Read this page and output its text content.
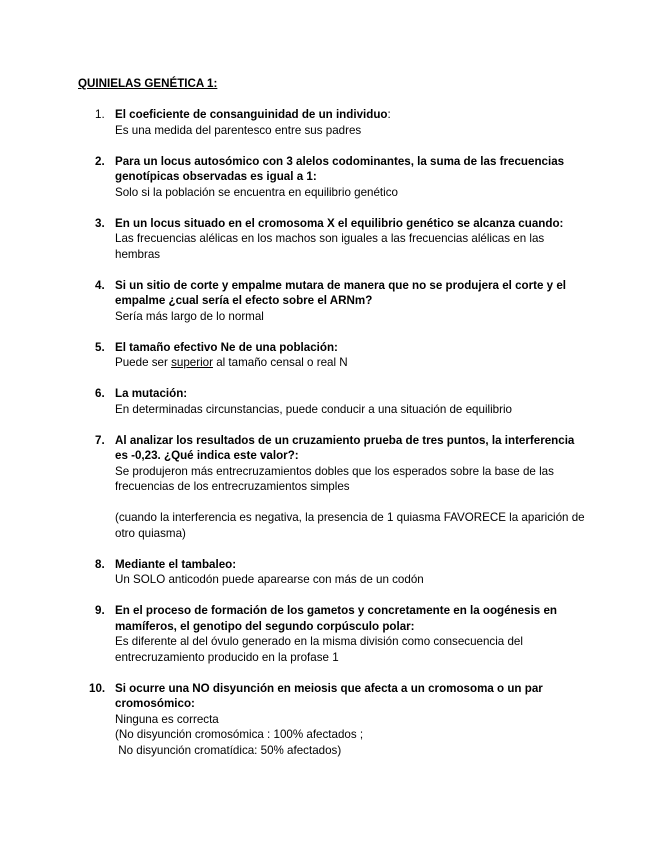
QUINIELAS GENÉTICA 1:
1. El coeficiente de consanguinidad de un individuo:
Es una medida del parentesco entre sus padres
2. Para un locus autosómico con 3 alelos codominantes, la suma de las frecuencias genotípicas observadas es igual a 1:
Solo si la población se encuentra en equilibrio genético
3. En un locus situado en el cromosoma X el equilibrio genético se alcanza cuando:
Las frecuencias alélicas en los machos son iguales a las frecuencias alélicas en las hembras
4. Si un sitio de corte y empalme mutara de manera que no se produjera el corte y el empalme ¿cual sería el efecto sobre el ARNm?
Sería más largo de lo normal
5. El tamaño efectivo Ne de una población:
Puede ser superior al tamaño censal o real N
6. La mutación:
En determinadas circunstancias, puede conducir a una situación de equilibrio
7. Al analizar los resultados de un cruzamiento prueba de tres puntos, la interferencia es -0,23. ¿Qué indica este valor?:
Se produjeron más entrecruzamientos dobles que los esperados sobre la base de las frecuencias de los entrecruzamientos simples
(cuando la interferencia es negativa, la presencia de 1 quiasma FAVORECE la aparición de otro quiasma)
8. Mediante el tambaleo:
Un SOLO anticodón puede aparearse con más de un codón
9. En el proceso de formación de los gametos y concretamente en la oogénesis en mamíferos, el genotipo del segundo corpúsculo polar:
Es diferente al del óvulo generado en la misma división como consecuencia del entrecruzamiento producido en la profase 1
10. Si ocurre una NO disyunción en meiosis que afecta a un cromosoma o un par cromosómico:
Ninguna es correcta
(No disyunción cromosómica : 100% afectados ;
No disyunción cromatídica: 50% afectados)
